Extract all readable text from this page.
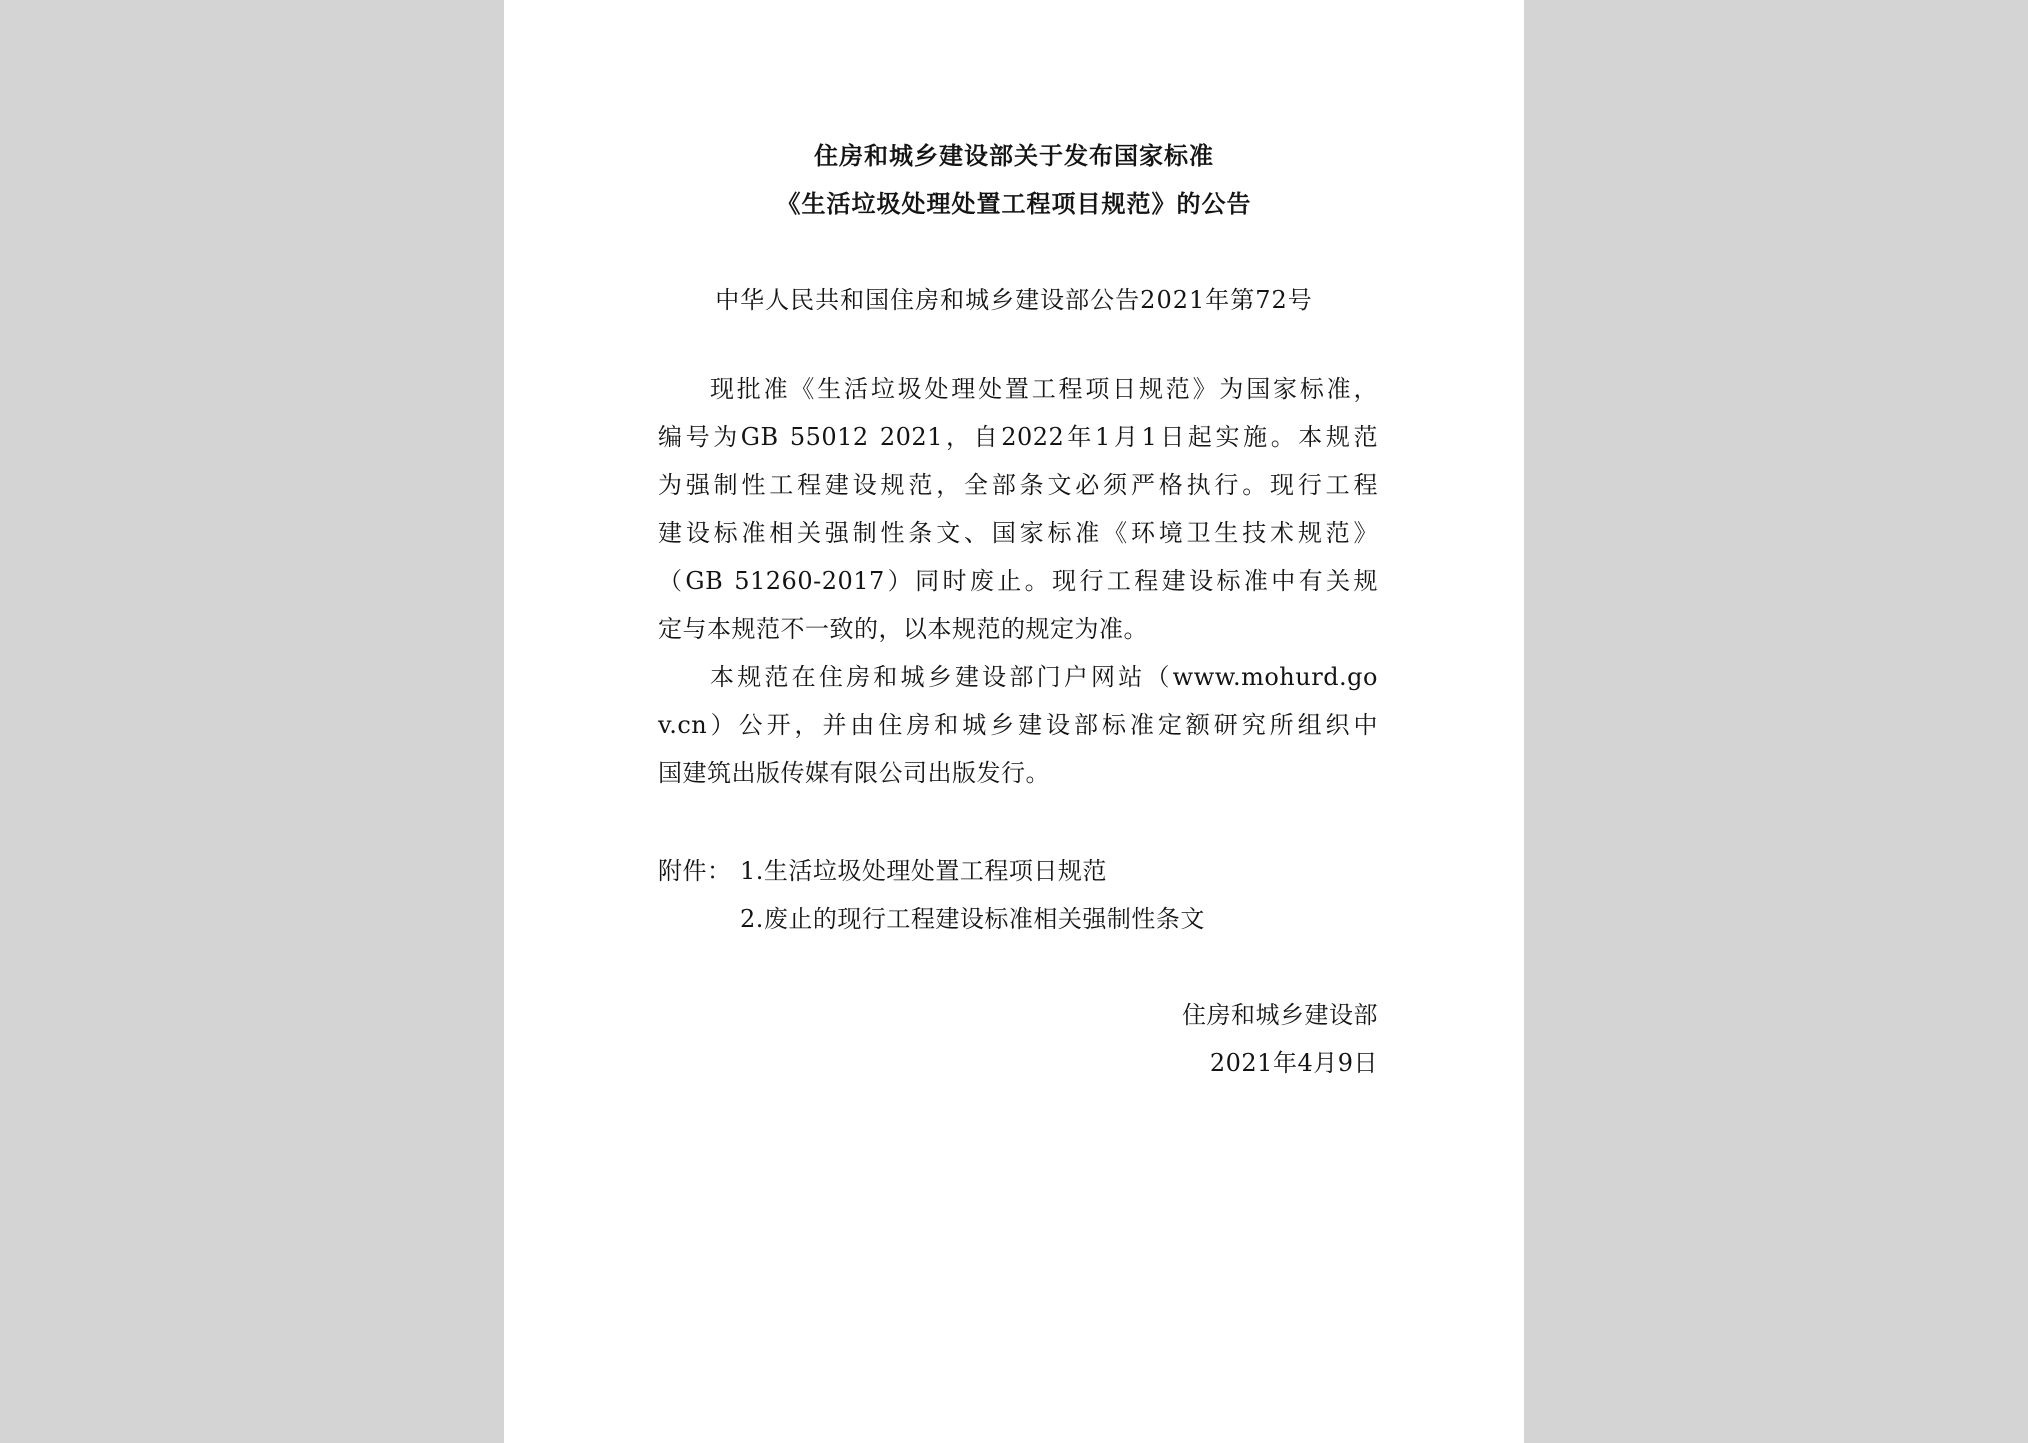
住房和城乡建设部关于发布国家标准
《生活垃圾处理处置工程项目规范》的公告
中华人民共和国住房和城乡建设部公告2021年第72号
现批准《生活垃圾处理处置工程项日规范》为国家标准，
编号为GB 55012 2021，自2022年1月1日起实施。本规范
为强制性工程建设规范，全部条文必须严格执行。现行工程
建设标准相关强制性条文、国家标准《环境卫生技术规范》
（GB 51260-2017）同时废止。现行工程建设标准中有关规
定与本规范不一致的，以本规范的规定为准。
本规范在住房和城乡建设部门户网站（www.mohurd.go
v.cn）公开，并由住房和城乡建设部标准定额研究所组织中
国建筑出版传媒有限公司出版发行。
附件： 1.生活垃圾处理处置工程项日规范
2.废止的现行工程建设标准相关强制性条文
住房和城乡建设部
2021年4月9日
